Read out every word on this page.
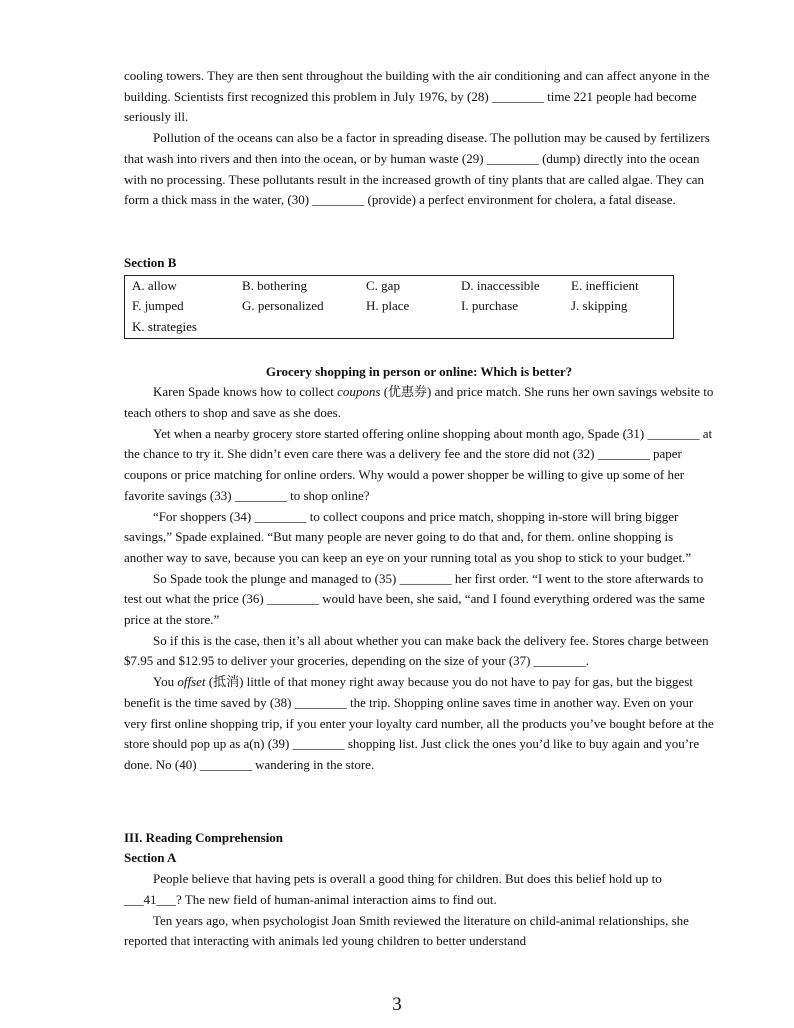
cooling towers. They are then sent throughout the building with the air conditioning and can affect anyone in the building. Scientists first recognized this problem in July 1976, by (28) ________ time 221 people had become seriously ill.

Pollution of the oceans can also be a factor in spreading disease. The pollution may be caused by fertilizers that wash into rivers and then into the ocean, or by human waste (29) ________ (dump) directly into the ocean with no processing. These pollutants result in the increased growth of tiny plants that are called algae. They can form a thick mass in the water, (30) ________ (provide) a perfect environment for cholera, a fatal disease.

Section B

A. allow	B. bothering	C. gap	D. inaccessible E. inefficient
F. jumped	G. personalized	H. place	I. purchase	J. skipping
K. strategies

Grocery shopping in person or online: Which is better?

Karen Spade knows how to collect coupons (优惠券) and price match. She runs her own savings website to teach others to shop and save as she does.

Yet when a nearby grocery store started offering online shopping about month ago, Spade (31) ________ at the chance to try it. She didn’t even care there was a delivery fee and the store did not (32) ________ paper coupons or price matching for online orders. Why would a power shopper be willing to give up some of her favorite savings (33) ________ to shop online?

“For shoppers (34) ________ to collect coupons and price match, shopping in-store will bring bigger savings,” Spade explained. “But many people are never going to do that and, for them. online shopping is another way to save, because you can keep an eye on your running total as you shop to stick to your budget.”

So Spade took the plunge and managed to (35) ________ her first order. “I went to the store afterwards to test out what the price (36) ________ would have been, she said, “and I found everything ordered was the same price at the store.”

So if this is the case, then it’s all about whether you can make back the delivery fee. Stores charge between $7.95 and $12.95 to deliver your groceries, depending on the size of your (37) ________.

You offset (抵消) little of that money right away because you do not have to pay for gas, but the biggest benefit is the time saved by (38) ________ the trip. Shopping online saves time in another way. Even on your very first online shopping trip, if you enter your loyalty card number, all the products you’ve bought before at the store should pop up as a(n) (39) ________ shopping list. Just click the ones you’d like to buy again and you’re done. No (40) ________ wandering in the store.

III. Reading Comprehension

Section A

People believe that having pets is overall a good thing for children. But does this belief hold up to ___41___? The new field of human-animal interaction aims to find out.

Ten years ago, when psychologist Joan Smith reviewed the literature on child-animal relationships, she reported that interacting with animals led young children to better understand

3
